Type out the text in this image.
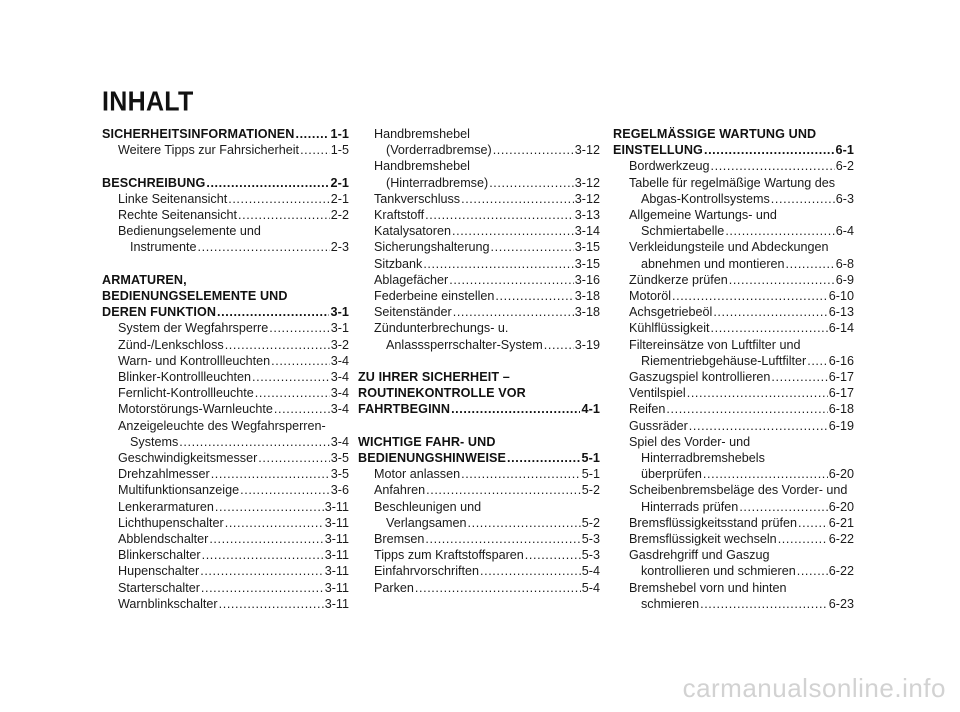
INHALT
SICHERHEITSINFORMATIONEN .....	1-1
Weitere Tipps zur Fahrsicherheit .....	1-5
BESCHREIBUNG .....	2-1
Linke Seitenansicht .....	2-1
Rechte Seitenansicht .....	2-2
Bedienungselemente und
Instrumente .....	2-3
ARMATUREN,
BEDIENUNGSELEMENTE UND
DEREN FUNKTION .....	3-1
System der Wegfahrsperre .....	3-1
Zünd-/Lenkschloss .....	3-2
Warn- und Kontrollleuchten .....	3-4
Blinker-Kontrollleuchten .....	3-4
Fernlicht-Kontrollleuchte .....	3-4
Motorstörungs-Warnleuchte .....	3-4
Anzeigeleuchte des Wegfahrsperren-
Systems .....	3-4
Geschwindigkeitsmesser .....	3-5
Drehzahlmesser .....	3-5
Multifunktionsanzeige .....	3-6
Lenkerarmaturen .....	3-11
Lichthupenschalter .....	3-11
Abblendschalter .....	3-11
Blinkerschalter .....	3-11
Hupenschalter .....	3-11
Starterschalter .....	3-11
Warnblinkschalter .....	3-11
Handbremshebel
(Vorderradbremse) .....	3-12
Handbremshebel
(Hinterradbremse) .....	3-12
Tankverschluss .....	3-12
Kraftstoff .....	3-13
Katalysatoren .....	3-14
Sicherungshalterung .....	3-15
Sitzbank .....	3-15
Ablagefächer .....	3-16
Federbeine einstellen .....	3-18
Seitenständer .....	3-18
Zündunterbrechungs- u.
Anlasssperrschalter-System .....	3-19
ZU IHRER SICHERHEIT –
ROUTINEKONTROLLE VOR
FAHRTBEGINN .....	4-1
WICHTIGE FAHR- UND
BEDIENUNGSHINWEISE .....	5-1
Motor anlassen .....	5-1
Anfahren .....	5-2
Beschleunigen und
Verlangsamen .....	5-2
Bremsen .....	5-3
Tipps zum Kraftstoffsparen .....	5-3
Einfahrvorschriften .....	5-4
Parken .....	5-4
REGELMÄSSIGE WARTUNG UND
EINSTELLUNG .....	6-1
Bordwerkzeug .....	6-2
Tabelle für regelmäßige Wartung des
Abgas-Kontrollsystems .....	6-3
Allgemeine Wartungs- und
Schmiertabelle .....	6-4
Verkleidungsteile und Abdeckungen
abnehmen und montieren .....	6-8
Zündkerze prüfen .....	6-9
Motoröl .....	6-10
Achsgetriebeöl .....	6-13
Kühlflüssigkeit .....	6-14
Filtereinsätze von Luftfilter und
Riementriebgehäuse-Luftfilter ..... 6-16
Gaszugspiel kontrollieren .....	6-17
Ventilspiel .....	6-17
Reifen .....	6-18
Gussräder .....	6-19
Spiel des Vorder- und
Hinterradbremshebels
überprüfen .....	6-20
Scheibenbremsbeläge des Vorder- und
Hinterrads prüfen .....	6-20
Bremsflüssigkeitsstand prüfen .....	6-21
Bremsflüssigkeit wechseln .....	6-22
Gasdrehgriff und Gaszug
kontrollieren und schmieren .....	6-22
Bremshebel vorn und hinten
schmieren .....	6-23
carmanualsonline.info
